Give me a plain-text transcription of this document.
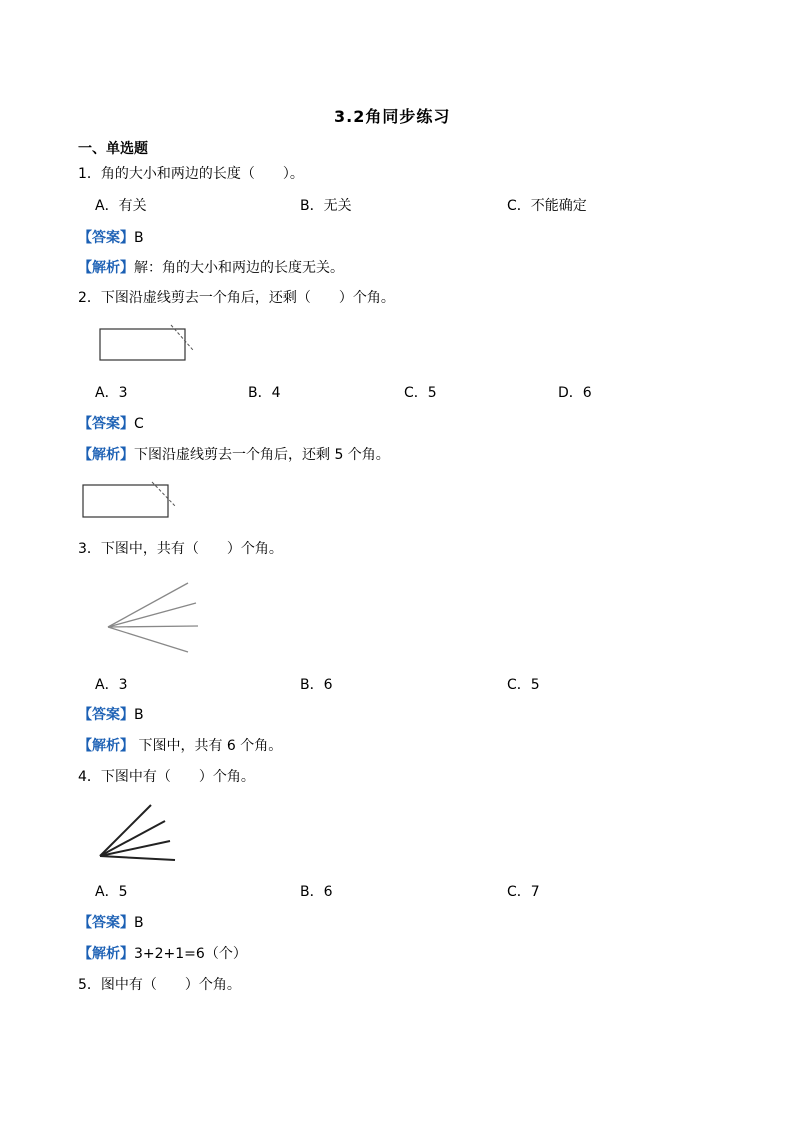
3.2角同步练习
一、单选题
1．角的大小和两边的长度（　　）。
A．有关	B．无关	C．不能确定
【答案】B
【解析】解：角的大小和两边的长度无关。
2．下图沿虚线剪去一个角后，还剩（　　）个角。
A．3	B．4	C．5	D．6
【答案】C
【解析】下图沿虚线剪去一个角后，还剩 5 个角。
3．下图中，共有（　　）个角。
A．3	B．6	C．5
【答案】B
【解析】 下图中，共有 6 个角。
4．下图中有（　　）个角。
A．5	B．6	C．7
【答案】B
【解析】3+2+1=6（个）
5．图中有（　　）个角。
